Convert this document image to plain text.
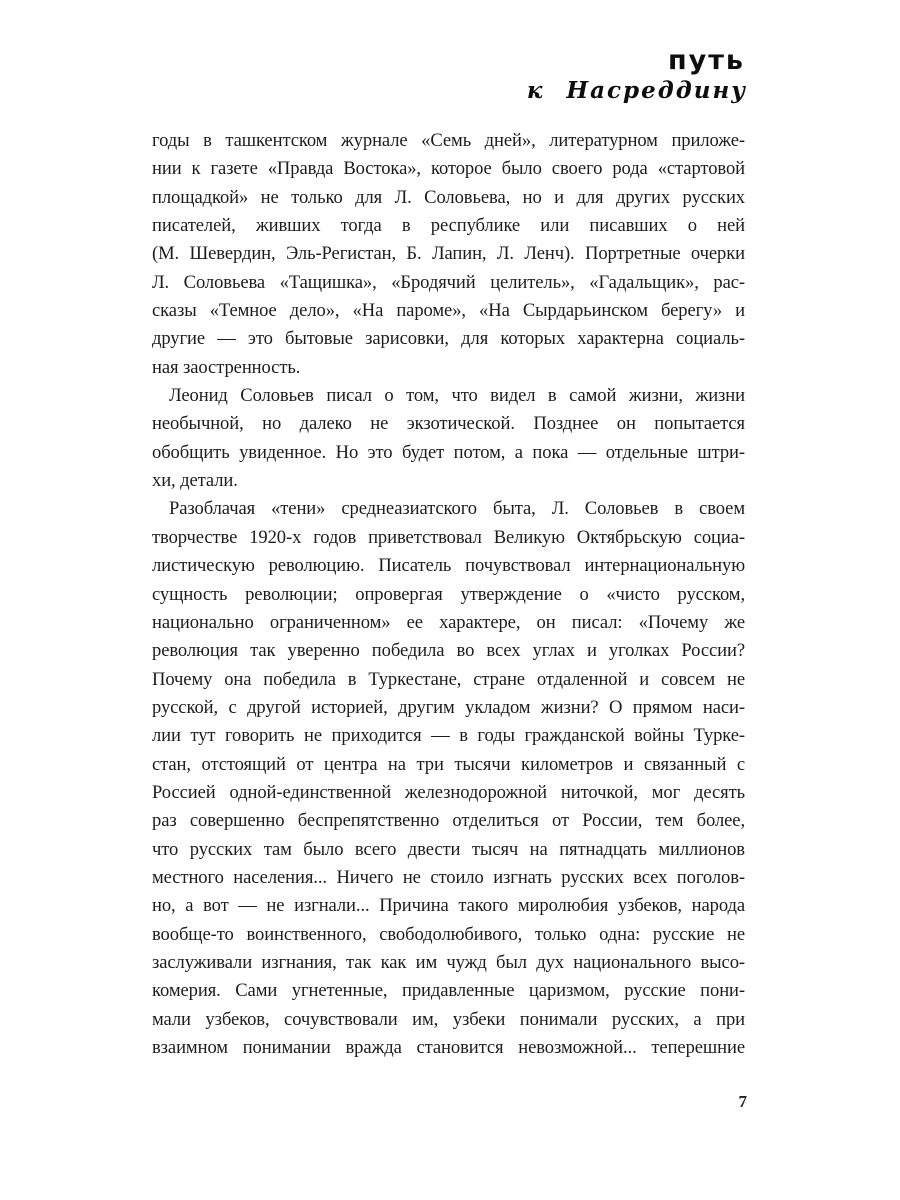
путь
к Насреддину
годы в ташкентском журнале «Семь дней», литературном приложе-
нии к газете «Правда Востока», которое было своего рода «стартовой
площадкой» не только для Л. Соловьева, но и для других русских
писателей, живших тогда в республике или писавших о ней
(М. Шевердин, Эль-Регистан, Б. Лапин, Л. Ленч). Портретные очерки
Л. Соловьева «Тащишка», «Бродячий целитель», «Гадальщик», рас-
сказы «Темное дело», «На пароме», «На Сырдарьинском берегу» и
другие — это бытовые зарисовки, для которых характерна социаль-
ная заостренность.
Леонид Соловьев писал о том, что видел в самой жизни, жизни
необычной, но далеко не экзотической. Позднее он попытается
обобщить увиденное. Но это будет потом, а пока — отдельные штри-
хи, детали.
Разоблачая «тени» среднеазиатского быта, Л. Соловьев в своем
творчестве 1920-х годов приветствовал Великую Октябрьскую социа-
листическую революцию. Писатель почувствовал интернациональную
сущность революции; опровергая утверждение о «чисто русском,
национально ограниченном» ее характере, он писал: «Почему же
революция так уверенно победила во всех углах и уголках России?
Почему она победила в Туркестане, стране отдаленной и совсем не
русской, с другой историей, другим укладом жизни? О прямом наси-
лии тут говорить не приходится — в годы гражданской войны Турке-
стан, отстоящий от центра на три тысячи километров и связанный с
Россией одной-единственной железнодорожной ниточкой, мог десять
раз совершенно беспрепятственно отделиться от России, тем более,
что русских там было всего двести тысяч на пятнадцать миллионов
местного населения... Ничего не стоило изгнать русских всех поголов-
но, а вот — не изгнали... Причина такого миролюбия узбеков, народа
вообще-то воинственного, свободолюбивого, только одна: русские не
заслуживали изгнания, так как им чужд был дух национального высо-
комерия. Сами угнетенные, придавленные царизмом, русские пони-
мали узбеков, сочувствовали им, узбеки понимали русских, а при
взаимном понимании вражда становится невозможной... теперешние
7
